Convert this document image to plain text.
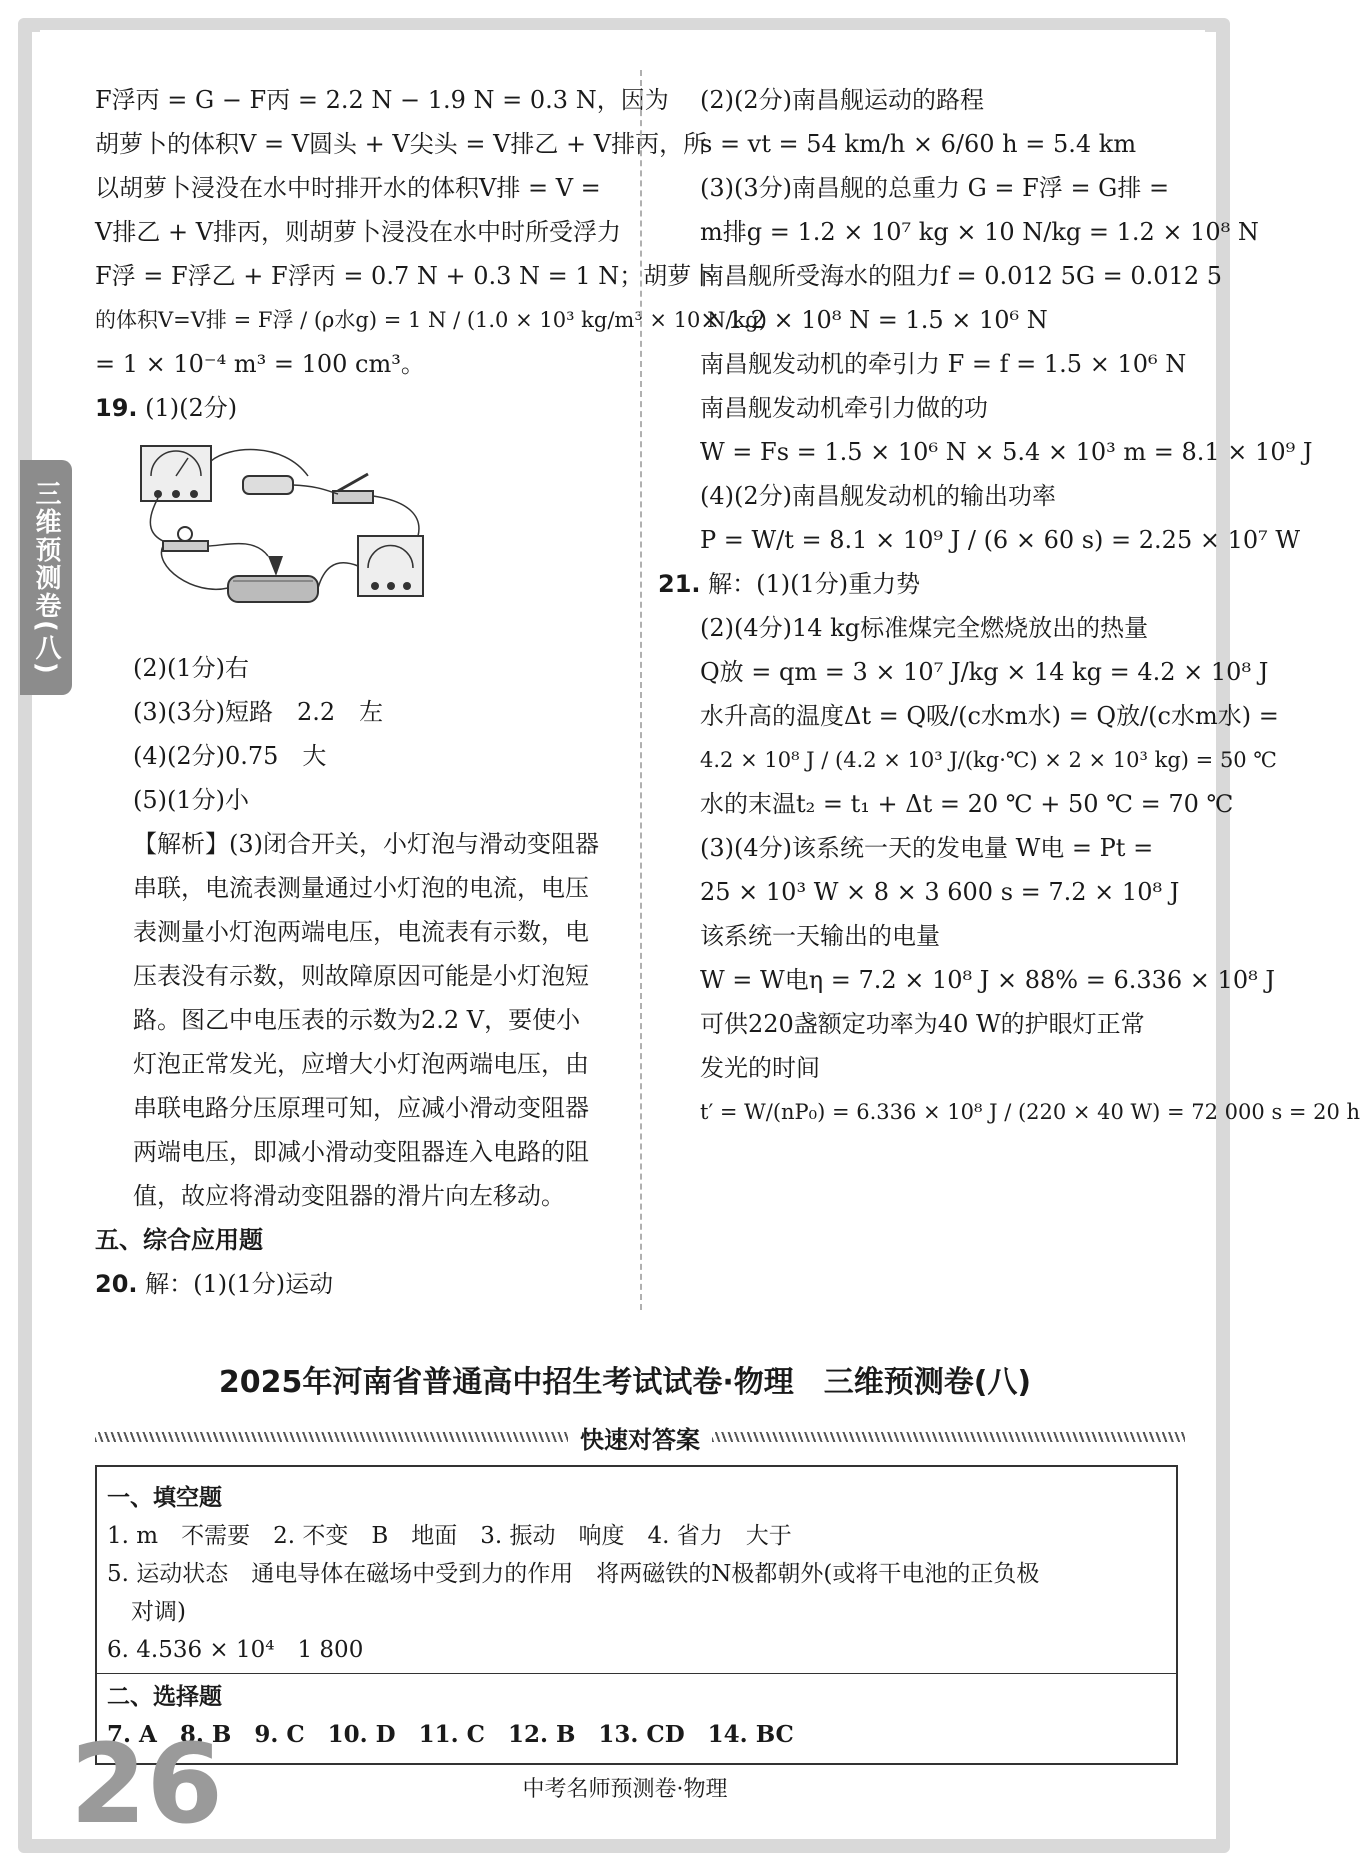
三维预测卷(八)
F浮丙 = G − F丙 = 2.2 N − 1.9 N = 0.3 N，因为
胡萝卜的体积V = V圆头 + V尖头 = V排乙 + V排丙，所
以胡萝卜浸没在水中时排开水的体积V排 = V =
V排乙 + V排丙，则胡萝卜浸没在水中时所受浮力
F浮 = F浮乙 + F浮丙 = 0.7 N + 0.3 N = 1 N；胡萝卜
的体积V=V排 = F浮 / (ρ水g) = 1 N / (1.0 × 10³ kg/m³ × 10 N/kg)
= 1 × 10⁻⁴ m³ = 100 cm³。
19. (1)(2分)
(2)(1分)右
(3)(3分)短路　2.2　左
(4)(2分)0.75　大
(5)(1分)小
【解析】(3)闭合开关，小灯泡与滑动变阻器
串联，电流表测量通过小灯泡的电流，电压
表测量小灯泡两端电压，电流表有示数，电
压表没有示数，则故障原因可能是小灯泡短
路。图乙中电压表的示数为2.2 V，要使小
灯泡正常发光，应增大小灯泡两端电压，由
串联电路分压原理可知，应减小滑动变阻器
两端电压，即减小滑动变阻器连入电路的阻
值，故应将滑动变阻器的滑片向左移动。
五、综合应用题
20. 解：(1)(1分)运动
(2)(2分)南昌舰运动的路程
s = vt = 54 km/h × 6/60 h = 5.4 km
(3)(3分)南昌舰的总重力 G = F浮 = G排 =
m排g = 1.2 × 10⁷ kg × 10 N/kg = 1.2 × 10⁸ N
南昌舰所受海水的阻力f = 0.012 5G = 0.012 5
× 1.2 × 10⁸ N = 1.5 × 10⁶ N
南昌舰发动机的牵引力 F = f = 1.5 × 10⁶ N
南昌舰发动机牵引力做的功
W = Fs = 1.5 × 10⁶ N × 5.4 × 10³ m = 8.1 × 10⁹ J
(4)(2分)南昌舰发动机的输出功率
P = W/t = 8.1 × 10⁹ J / (6 × 60 s) = 2.25 × 10⁷ W
21. 解：(1)(1分)重力势
(2)(4分)14 kg标准煤完全燃烧放出的热量
Q放 = qm = 3 × 10⁷ J/kg × 14 kg = 4.2 × 10⁸ J
水升高的温度Δt = Q吸/(c水m水) = Q放/(c水m水) =
4.2 × 10⁸ J / (4.2 × 10³ J/(kg·℃) × 2 × 10³ kg) = 50 ℃
水的末温t₂ = t₁ + Δt = 20 ℃ + 50 ℃ = 70 ℃
(3)(4分)该系统一天的发电量 W电 = Pt =
25 × 10³ W × 8 × 3 600 s = 7.2 × 10⁸ J
该系统一天输出的电量
W = W电η = 7.2 × 10⁸ J × 88% = 6.336 × 10⁸ J
可供220盏额定功率为40 W的护眼灯正常
发光的时间
t′ = W/(nP₀) = 6.336 × 10⁸ J / (220 × 40 W) = 72 000 s = 20 h
2025年河南省普通高中招生考试试卷·物理　三维预测卷(八)
快速对答案
一、填空题
1. m　不需要　2. 不变　B　地面　3. 振动　响度　4. 省力　大于
5. 运动状态　通电导体在磁场中受到力的作用　将两磁铁的N极都朝外(或将干电池的正负极
对调)
6. 4.536 × 10⁴　1 800
二、选择题
7. A　8. B　9. C　10. D　11. C　12. B　13. CD　14. BC
26	中考名师预测卷·物理
